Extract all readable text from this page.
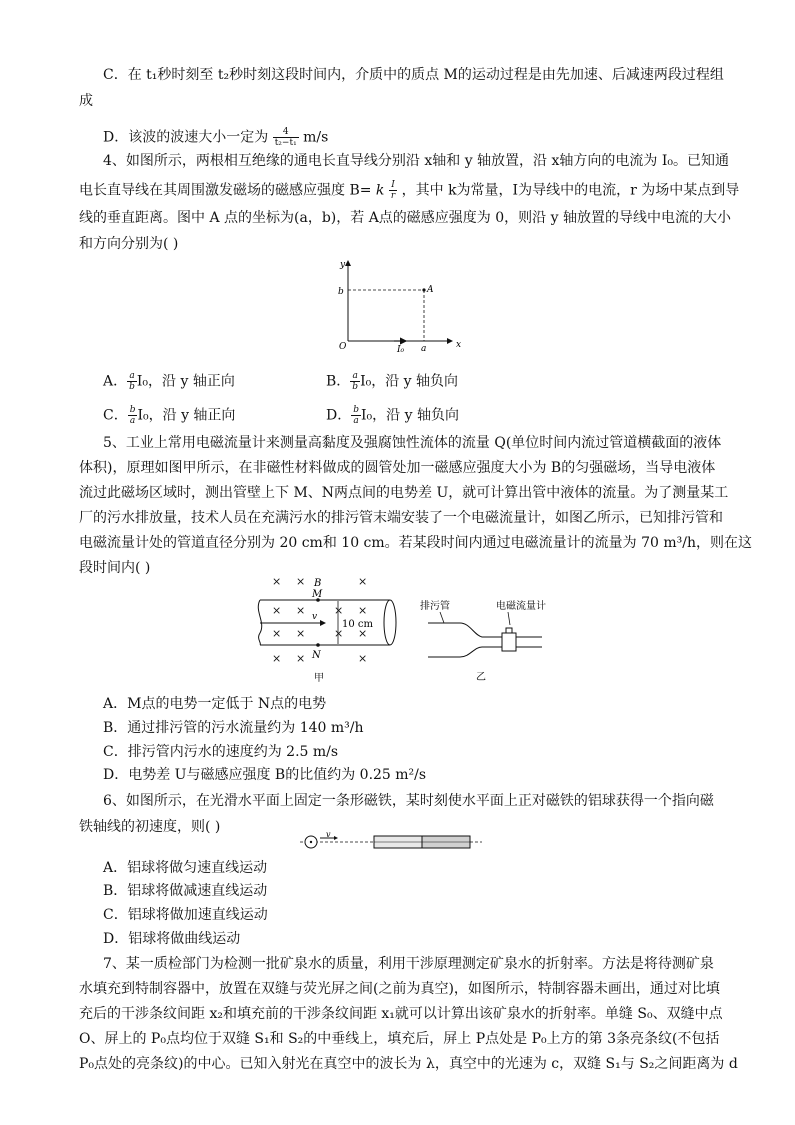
C．在 t₁秒时刻至 t₂秒时刻这段时间内，介质中的质点 M的运动过程是由先加速、后减速两段过程组
成
D．该波的波速大小一定为 $\frac{4}{\text{t₂−t₁}} m/s$
4、如图所示，两根相互绝缘的通电长直导线分别沿 x轴和 y 轴放置，沿 x轴方向的电流为 I₀。已知通
电长直导线在其周围激发磁场的磁感应强度 B= k $\frac{I}{r}$ ，其中 k为常量，I为导线中的电流，r 为场中某点到导
线的垂直距离。图中 A 点的坐标为(a，b)，若 A点的磁感应强度为 0，则沿 y 轴放置的导线中电流的大小
和方向分别为( )
y
x
b	A
O	I₀ a
A． $\frac{a}{b} I_0$，沿 y 轴正向	B． $\frac{a}{b} I_0$，沿 y 轴负向
C． $\frac{b}{a} I_0$，沿 y 轴正向	D． $\frac{b}{a} I_0$，沿 y 轴负向
5、工业上常用电磁流量计来测量高黏度及强腐蚀性流体的流量 Q(单位时间内流过管道横截面的液体
体积)，原理如图甲所示，在非磁性材料做成的圆管处加一磁感应强度大小为 B的匀强磁场，当导电液体
流过此磁场区域时，测出管壁上下 M、N两点间的电势差 U，就可计算出管中液体的流量。为了测量某工
厂的污水排放量，技术人员在充满污水的排污管末端安装了一个电磁流量计，如图乙所示，已知排污管和
电磁流量计处的管道直径分别为 20 cm和 10 cm。若某段时间内通过电磁流量计的流量为 70 m³/h，则在这
段时间内( )
× ×	×
× ×	× ×
× ×	× ×
× ×	×
B
M
N
v
10 cm
甲
排污管	电磁流量计
乙
A．M点的电势一定低于 N点的电势
B．通过排污管的污水流量约为 140 m³/h
C．排污管内污水的速度约为 2.5 m/s
D．电势差 U与磁感应强度 B的比值约为 0.25 m²/s
6、如图所示，在光滑水平面上固定一条形磁铁，某时刻使水平面上正对磁铁的铝球获得一个指向磁
铁轴线的初速度，则( )	v
A．铝球将做匀速直线运动
B．铝球将做减速直线运动
C．铝球将做加速直线运动
D．铝球将做曲线运动
7、某一质检部门为检测一批矿泉水的质量，利用干涉原理测定矿泉水的折射率。方法是将待测矿泉
水填充到特制容器中，放置在双缝与荧光屏之间(之前为真空)，如图所示，特制容器未画出，通过对比填
充后的干涉条纹间距 x₂和填充前的干涉条纹间距 x₁就可以计算出该矿泉水的折射率。单缝 S₀、双缝中点
O、屏上的 P₀点均位于双缝 S₁和 S₂的中垂线上，填充后，屏上 P点处是 P₀上方的第 3条亮条纹(不包括
P₀点处的亮条纹)的中心。已知入射光在真空中的波长为 λ，真空中的光速为 c，双缝 S₁与 S₂之间距离为 d
